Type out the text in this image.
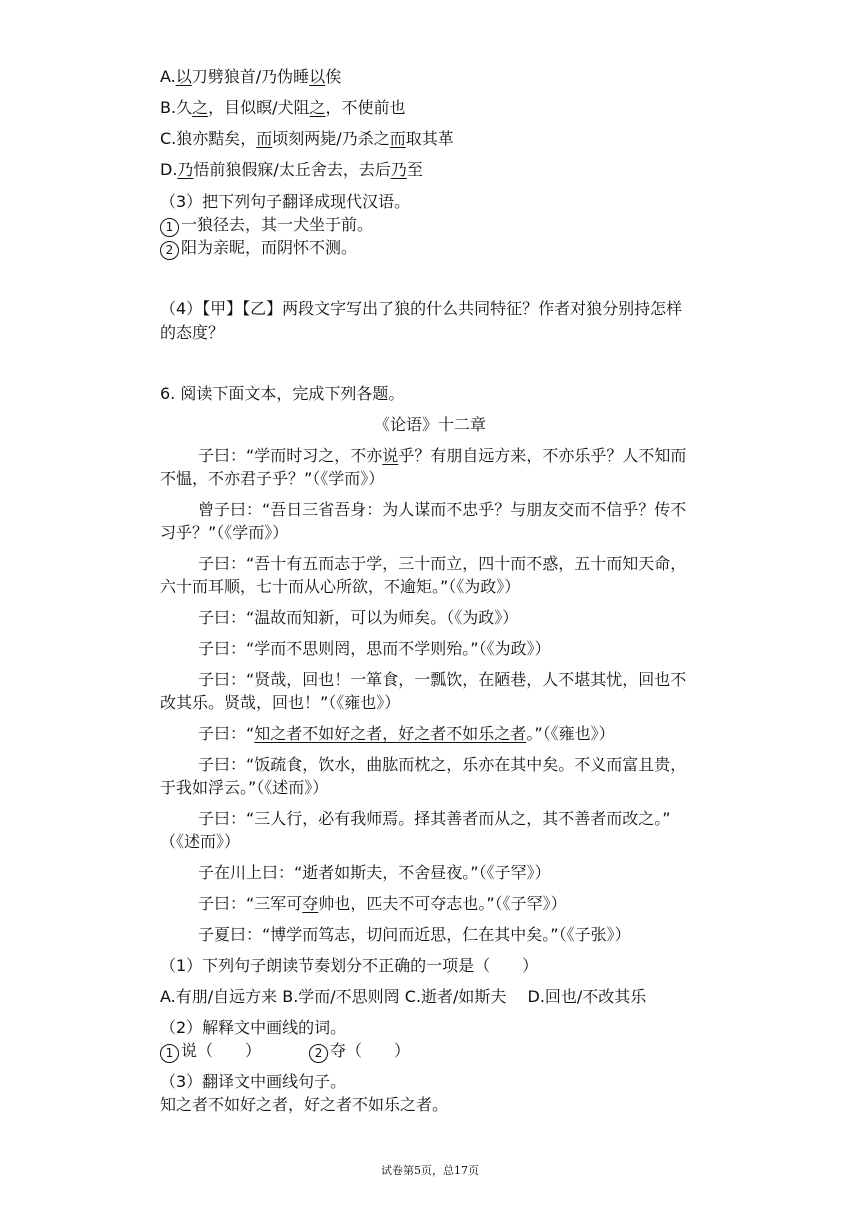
A.以刀劈狼首/乃伪睡以俟
B.久之，目似瞑/犬阻之，不使前也
C.狼亦黠矣，而顷刻两毙/乃杀之而取其革
D.乃悟前狼假寐/太丘舍去，去后乃至
（3）把下列句子翻译成现代汉语。
1 一狼径去，其一犬坐于前。
2 阳为亲昵，而阴怀不测。
（4）【甲】【乙】两段文字写出了狼的什么共同特征？作者对狼分别持怎样
的态度？
6. 阅读下面文本，完成下列各题。
《论语》十二章
子曰：“学而时习之，不亦说乎？有朋自远方来，不亦乐乎？人不知而
不愠，不亦君子乎？”（《学而》）
曾子曰：“吾日三省吾身：为人谋而不忠乎？与朋友交而不信乎？传不
习乎？”（《学而》）
子曰：“吾十有五而志于学，三十而立，四十而不惑，五十而知天命，
六十而耳顺，七十而从心所欲，不逾矩。”（《为政》）
子曰：“温故而知新，可以为师矣。（《为政》）
子曰：“学而不思则罔，思而不学则殆。”（《为政》）
子曰：“贤哉，回也！一箪食，一瓢饮，在陋巷，人不堪其忧，回也不
改其乐。贤哉，回也！”（《雍也》）
子曰：“知之者不如好之者，好之者不如乐之者。”（《雍也》）
子曰：“饭疏食，饮水，曲肱而枕之，乐亦在其中矣。不义而富且贵，
于我如浮云。”（《述而》）
子曰：“三人行，必有我师焉。择其善者而从之，其不善者而改之。”
（《述而》）
子在川上曰：“逝者如斯夫，不舍昼夜。”（《子罕》）
子曰：“三军可夺帅也，匹夫不可夺志也。”（《子罕》）
子夏曰：“博学而笃志，切问而近思，仁在其中矣。”（《子张》）
（1）下列句子朗读节奏划分不正确的一项是（　　）
A.有朋/自远方来 B.学而/不思则罔 C.逝者/如斯夫　 D.回也/不改其乐
（2）解释文中画线的词。
1 说（　　）	2 夺（　　）
（3）翻译文中画线句子。
知之者不如好之者，好之者不如乐之者。
试卷第5页，总17页
